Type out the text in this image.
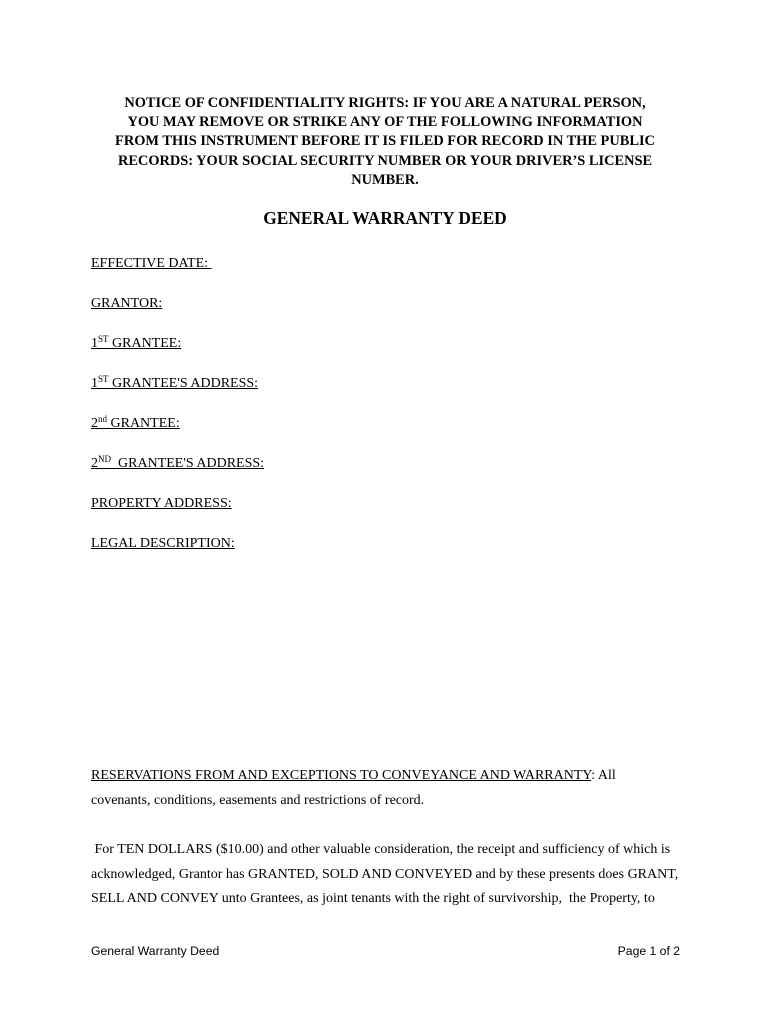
NOTICE OF CONFIDENTIALITY RIGHTS: IF YOU ARE A NATURAL PERSON,
YOU MAY REMOVE OR STRIKE ANY OF THE FOLLOWING INFORMATION
FROM THIS INSTRUMENT BEFORE IT IS FILED FOR RECORD IN THE PUBLIC
RECORDS: YOUR SOCIAL SECURITY NUMBER OR YOUR DRIVER’S LICENSE
NUMBER.
GENERAL WARRANTY DEED
EFFECTIVE DATE:
GRANTOR:
1ST GRANTEE:
1ST GRANTEE'S ADDRESS:
2nd GRANTEE:
2ND  GRANTEE'S ADDRESS:
PROPERTY ADDRESS:
LEGAL DESCRIPTION:
RESERVATIONS FROM AND EXCEPTIONS TO CONVEYANCE AND WARRANTY: All
covenants, conditions, easements and restrictions of record.
For TEN DOLLARS ($10.00) and other valuable consideration, the receipt and sufficiency of which is
acknowledged, Grantor has GRANTED, SOLD AND CONVEYED and by these presents does GRANT,
SELL AND CONVEY unto Grantees, as joint tenants with the right of survivorship,  the Property, to
General Warranty Deed	Page 1 of 2
